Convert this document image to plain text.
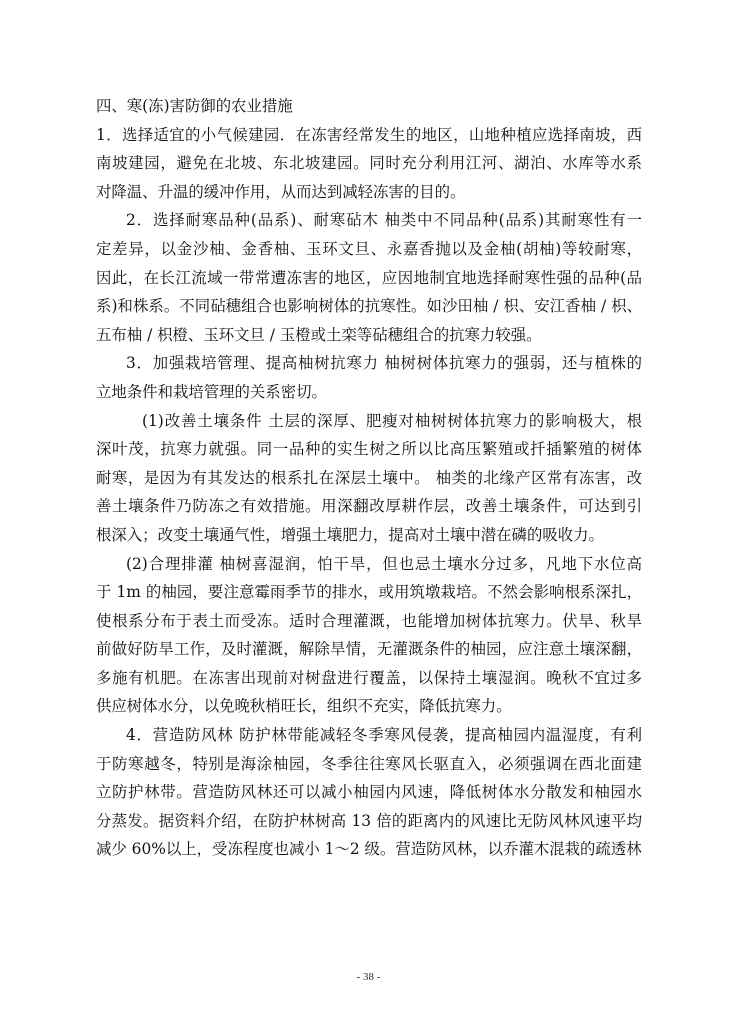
四、寒(冻)害防御的农业措施
1．选择适宜的小气候建园．在冻害经常发生的地区，山地种植应选择南坡，西
南坡建园，避免在北坡、东北坡建园。同时充分利用江河、湖泊、水库等水系
对降温、升温的缓冲作用，从而达到减轻冻害的目的。
2．选择耐寒品种(品系)、耐寒砧木 柚类中不同品种(品系)其耐寒性有一
定差异，以金沙柚、金香柚、玉环文旦、永嘉香抛以及金柚(胡柚)等较耐寒，
因此，在长江流域一带常遭冻害的地区，应因地制宜地选择耐寒性强的品种(品
系)和株系。不同砧穗组合也影响树体的抗寒性。如沙田柚 / 枳、安江香柚 / 枳、
五布柚 / 枳橙、玉环文旦 / 玉橙或土栾等砧穗组合的抗寒力较强。
3．加强栽培管理、提高柚树抗寒力 柚树树体抗寒力的强弱，还与植株的
立地条件和栽培管理的关系密切。
(1)改善土壤条件 土层的深厚、肥瘦对柚树树体抗寒力的影响极大，根
深叶茂，抗寒力就强。同一品种的实生树之所以比高压繁殖或扦插繁殖的树体
耐寒，是因为有其发达的根系扎在深层土壤中。 柚类的北缘产区常有冻害，改
善土壤条件乃防冻之有效措施。用深翻改厚耕作层，改善土壤条件，可达到引
根深入；改变土壤通气性，增强土壤肥力，提高对土壤中潜在磷的吸收力。
(2)合理排灌 柚树喜湿润，怕干旱，但也忌土壤水分过多，凡地下水位高
于 1m 的柚园，要注意霉雨季节的排水，或用筑墩栽培。不然会影响根系深扎，
使根系分布于表土而受冻。适时合理灌溉，也能增加树体抗寒力。伏旱、秋旱
前做好防旱工作，及时灌溉，解除旱情，无灌溉条件的柚园，应注意土壤深翻，
多施有机肥。在冻害出现前对树盘进行覆盖，以保持土壤湿润。晚秋不宜过多
供应树体水分，以免晚秋梢旺长，组织不充实，降低抗寒力。
4．营造防风林 防护林带能减轻冬季寒风侵袭，提高柚园内温湿度，有利
于防寒越冬，特别是海涂柚园，冬季往往寒风长驱直入，必须强调在西北面建
立防护林带。营造防风林还可以减小柚园内风速，降低树体水分散发和柚园水
分蒸发。据资料介绍，在防护林树高 13 倍的距离内的风速比无防风林风速平均
减少 60%以上，受冻程度也减小 1～2 级。营造防风林，以乔灌木混栽的疏透林
- 38 -
